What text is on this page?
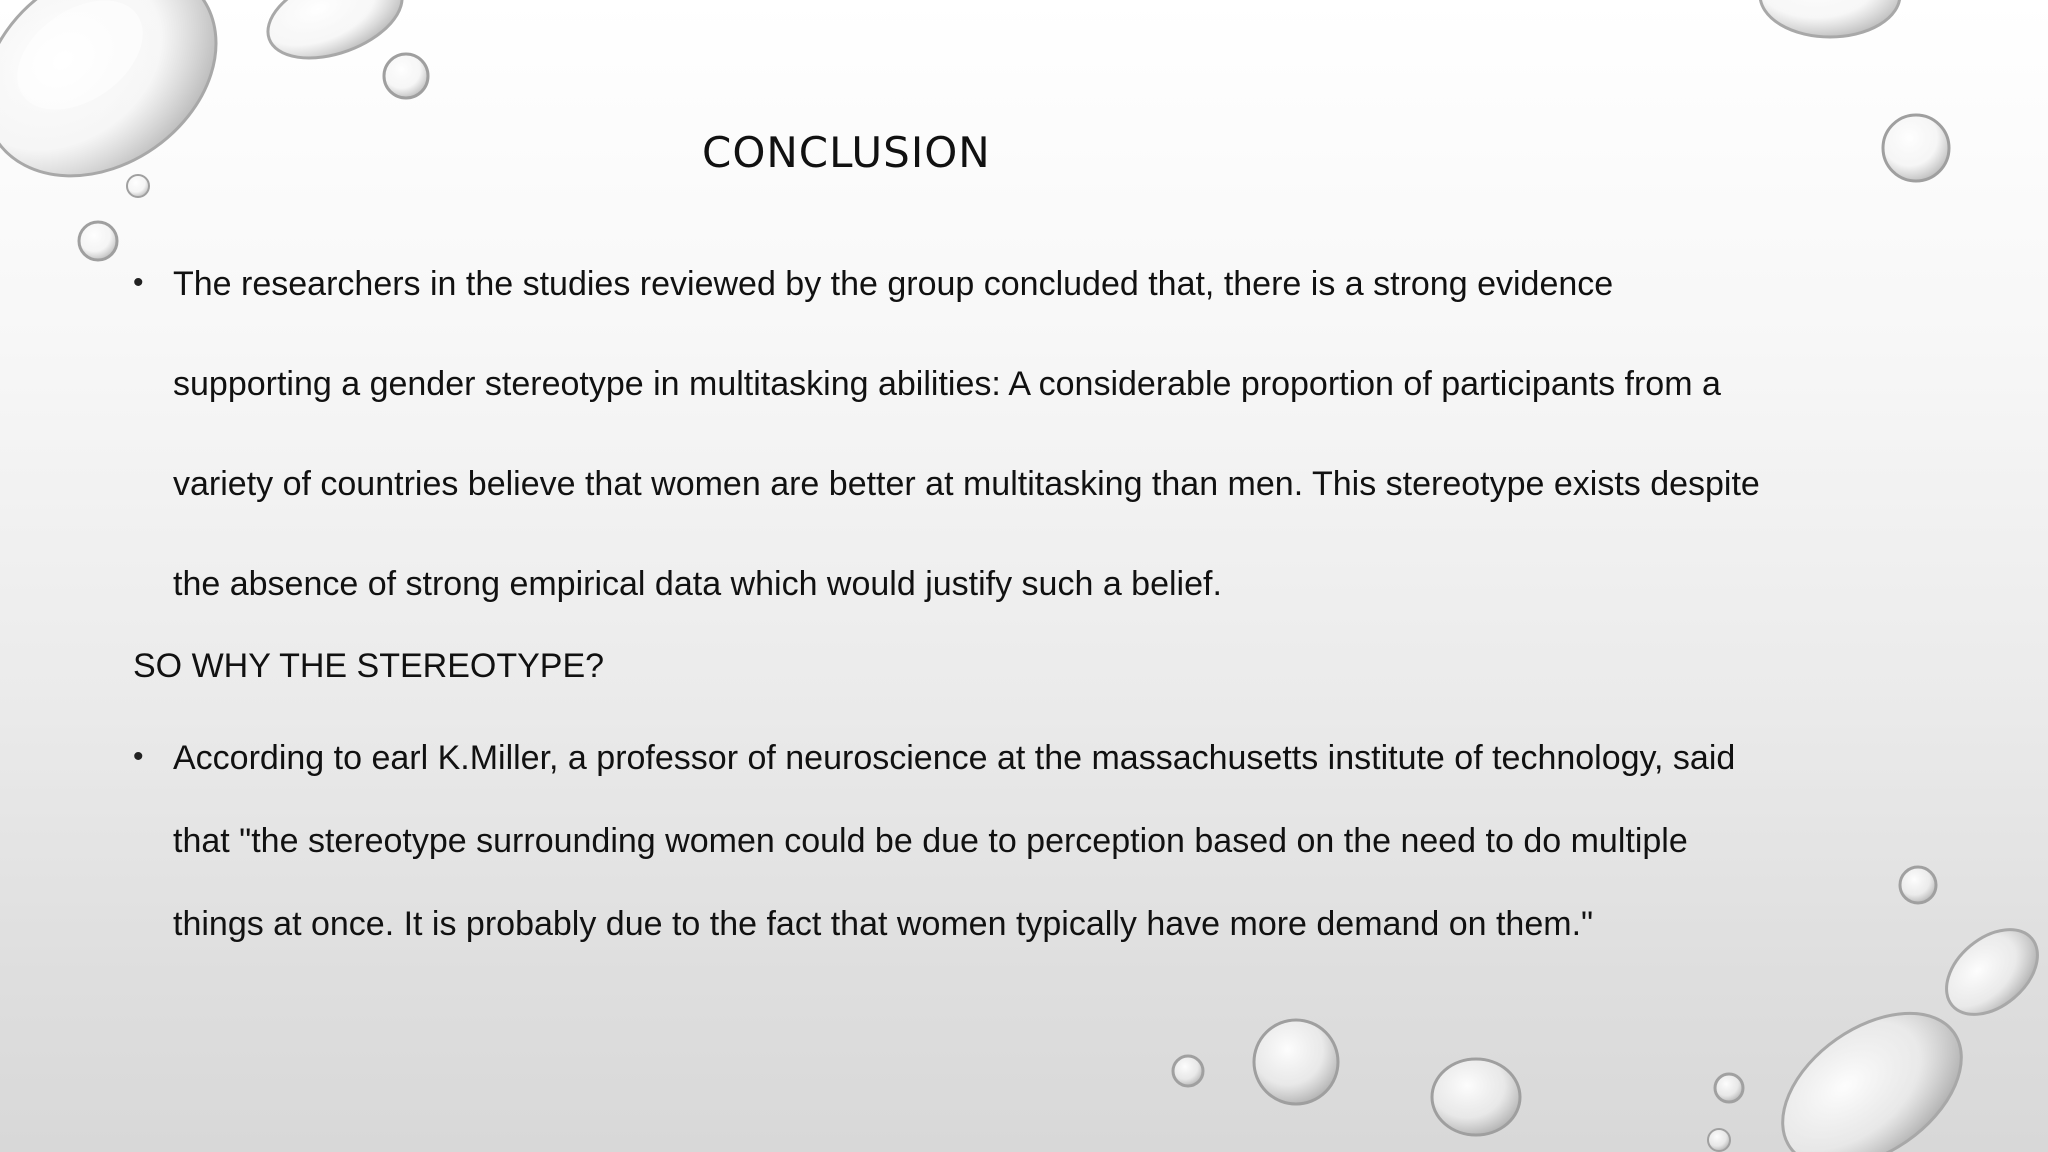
CONCLUSION
• The researchers in the studies reviewed by the group concluded that, there is a strong evidence
supporting a gender stereotype in multitasking abilities: A considerable proportion of participants from a
variety of countries believe that women are better at multitasking than men. This stereotype exists despite
the absence of strong empirical data which would justify such a belief.
SO WHY THE STEREOTYPE?
• According to earl K.Miller, a professor of neuroscience at the massachusetts institute of technology, said
that "the stereotype surrounding women could be due to perception based on the need to do multiple
things at once. It is probably due to the fact that women typically have more demand on them."
